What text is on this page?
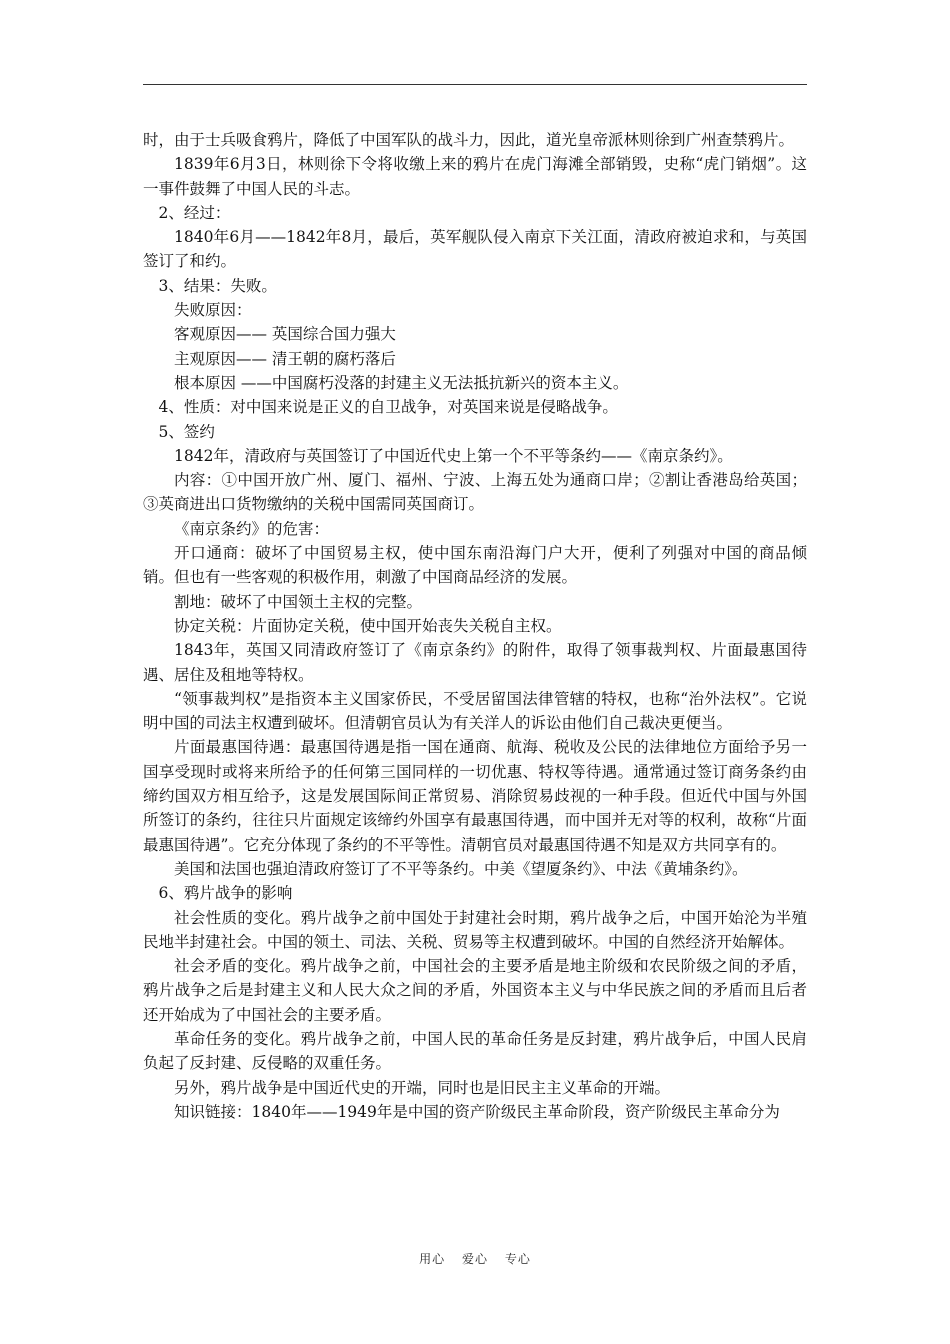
时，由于士兵吸食鸦片，降低了中国军队的战斗力，因此，道光皇帝派林则徐到广州查禁鸦片。

1839年6月3日，林则徐下令将收缴上来的鸦片在虎门海滩全部销毁，史称“虎门销烟”。这一事件鼓舞了中国人民的斗志。

2、经过：

1840年6月——1842年8月，最后，英军舰队侵入南京下关江面，清政府被迫求和，与英国签订了和约。

3、结果：失败。

失败原因：

客观原因—— 英国综合国力强大

主观原因—— 清王朝的腐朽落后

根本原因 ——中国腐朽没落的封建主义无法抵抗新兴的资本主义。

4、性质：对中国来说是正义的自卫战争，对英国来说是侵略战争。

5、签约

1842年，清政府与英国签订了中国近代史上第一个不平等条约——《南京条约》。

内容：①中国开放广州、厦门、福州、宁波、上海五处为通商口岸；②割让香港岛给英国；③英商进出口货物缴纳的关税中国需同英国商订。

《南京条约》的危害：

开口通商：破坏了中国贸易主权，使中国东南沿海门户大开，便利了列强对中国的商品倾销。但也有一些客观的积极作用，刺激了中国商品经济的发展。

割地：破坏了中国领土主权的完整。

协定关税：片面协定关税，使中国开始丧失关税自主权。

1843年，英国又同清政府签订了《南京条约》的附件，取得了领事裁判权、片面最惠国待遇、居住及租地等特权。

“领事裁判权”是指资本主义国家侨民，不受居留国法律管辖的特权，也称“治外法权”。它说明中国的司法主权遭到破坏。但清朝官员认为有关洋人的诉讼由他们自己裁决更便当。

片面最惠国待遇：最惠国待遇是指一国在通商、航海、税收及公民的法律地位方面给予另一国享受现时或将来所给予的任何第三国同样的一切优惠、特权等待遇。通常通过签订商务条约由缔约国双方相互给予，这是发展国际间正常贸易、消除贸易歧视的一种手段。但近代中国与外国所签订的条约，往往只片面规定该缔约外国享有最惠国待遇，而中国并无对等的权利，故称“片面最惠国待遇”。它充分体现了条约的不平等性。清朝官员对最惠国待遇不知是双方共同享有的。

美国和法国也强迫清政府签订了不平等条约。中美《望厦条约》、中法《黄埔条约》。

6、鸦片战争的影响

社会性质的变化。鸦片战争之前中国处于封建社会时期，鸦片战争之后，中国开始沦为半殖民地半封建社会。中国的领土、司法、关税、贸易等主权遭到破坏。中国的自然经济开始解体。

社会矛盾的变化。鸦片战争之前，中国社会的主要矛盾是地主阶级和农民阶级之间的矛盾，鸦片战争之后是封建主义和人民大众之间的矛盾，外国资本主义与中华民族之间的矛盾而且后者还开始成为了中国社会的主要矛盾。

革命任务的变化。鸦片战争之前，中国人民的革命任务是反封建，鸦片战争后，中国人民肩负起了反封建、反侵略的双重任务。

另外，鸦片战争是中国近代史的开端，同时也是旧民主主义革命的开端。

知识链接：1840年——1949年是中国的资产阶级民主革命阶段，资产阶级民主革命分为

用心 爱心 专心
